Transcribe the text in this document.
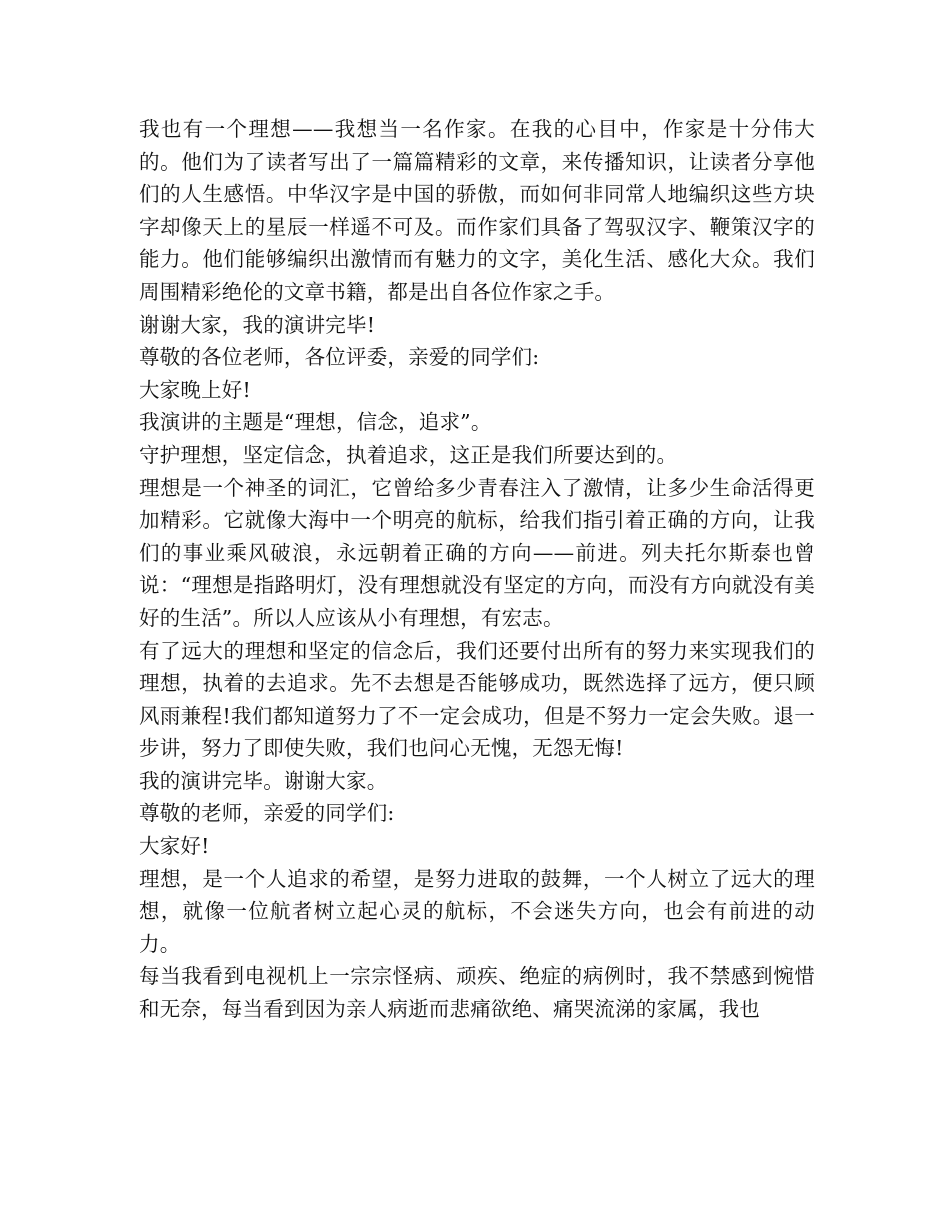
我也有一个理想——我想当一名作家。在我的心目中，作家是十分伟大的。他们为了读者写出了一篇篇精彩的文章，来传播知识，让读者分享他们的人生感悟。中华汉字是中国的骄傲，而如何非同常人地编织这些方块字却像天上的星辰一样遥不可及。而作家们具备了驾驭汉字、鞭策汉字的能力。他们能够编织出激情而有魅力的文字，美化生活、感化大众。我们周围精彩绝伦的文章书籍，都是出自各位作家之手。

谢谢大家，我的演讲完毕!

尊敬的各位老师，各位评委，亲爱的同学们:

大家晚上好!

我演讲的主题是“理想，信念，追求”。

守护理想，坚定信念，执着追求，这正是我们所要达到的。

理想是一个神圣的词汇，它曾给多少青春注入了激情，让多少生命活得更加精彩。它就像大海中一个明亮的航标，给我们指引着正确的方向，让我们的事业乘风破浪，永远朝着正确的方向——前进。列夫托尔斯泰也曾说：“理想是指路明灯，没有理想就没有坚定的方向，而没有方向就没有美好的生活”。所以人应该从小有理想，有宏志。

有了远大的理想和坚定的信念后，我们还要付出所有的努力来实现我们的理想，执着的去追求。先不去想是否能够成功，既然选择了远方，便只顾风雨兼程!我们都知道努力了不一定会成功，但是不努力一定会失败。退一步讲，努力了即使失败，我们也问心无愧，无怨无悔!

我的演讲完毕。谢谢大家。

尊敬的老师，亲爱的同学们:

大家好!

理想，是一个人追求的希望，是努力进取的鼓舞，一个人树立了远大的理想，就像一位航者树立起心灵的航标，不会迷失方向，也会有前进的动力。

每当我看到电视机上一宗宗怪病、顽疾、绝症的病例时，我不禁感到惋惜和无奈，每当看到因为亲人病逝而悲痛欲绝、痛哭流涕的家属，我也
